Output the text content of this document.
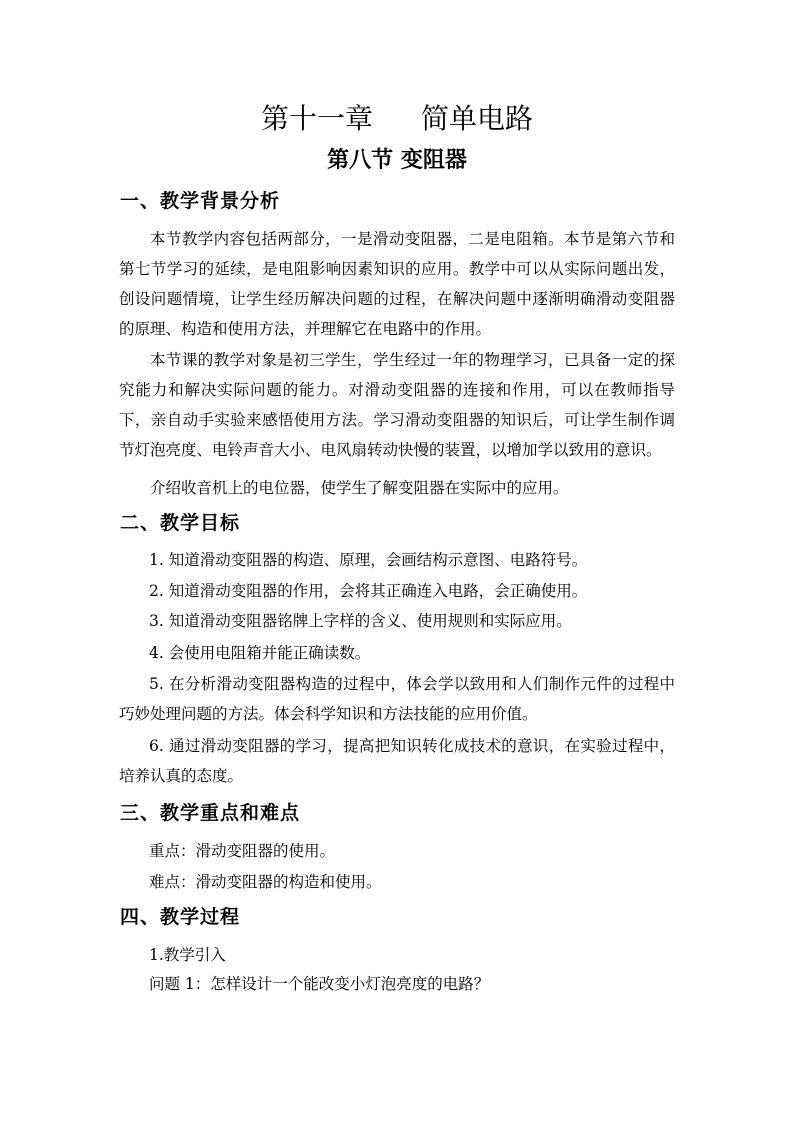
第十一章 简单电路
第八节 变阻器
一、教学背景分析

本节教学内容包括两部分，一是滑动变阻器，二是电阻箱。本节是第六节和第七节学习的延续，是电阻影响因素知识的应用。教学中可以从实际问题出发，创设问题情境，让学生经历解决问题的过程，在解决问题中逐渐明确滑动变阻器的原理、构造和使用方法，并理解它在电路中的作用。

本节课的教学对象是初三学生，学生经过一年的物理学习，已具备一定的探究能力和解决实际问题的能力。对滑动变阻器的连接和作用，可以在教师指导下，亲自动手实验来感悟使用方法。学习滑动变阻器的知识后，可让学生制作调节灯泡亮度、电铃声音大小、电风扇转动快慢的装置，以增加学以致用的意识。

介绍收音机上的电位器，使学生了解变阻器在实际中的应用。

二、教学目标

1. 知道滑动变阻器的构造、原理，会画结构示意图、电路符号。

2. 知道滑动变阻器的作用，会将其正确连入电路，会正确使用。

3. 知道滑动变阻器铭牌上字样的含义、使用规则和实际应用。

4. 会使用电阻箱并能正确读数。

5. 在分析滑动变阻器构造的过程中，体会学以致用和人们制作元件的过程中巧妙处理问题的方法。体会科学知识和方法技能的应用价值。

6. 通过滑动变阻器的学习，提高把知识转化成技术的意识，在实验过程中，培养认真的态度。

三、教学重点和难点

重点：滑动变阻器的使用。

难点：滑动变阻器的构造和使用。

四、教学过程

1.教学引入

问题 1：怎样设计一个能改变小灯泡亮度的电路？
